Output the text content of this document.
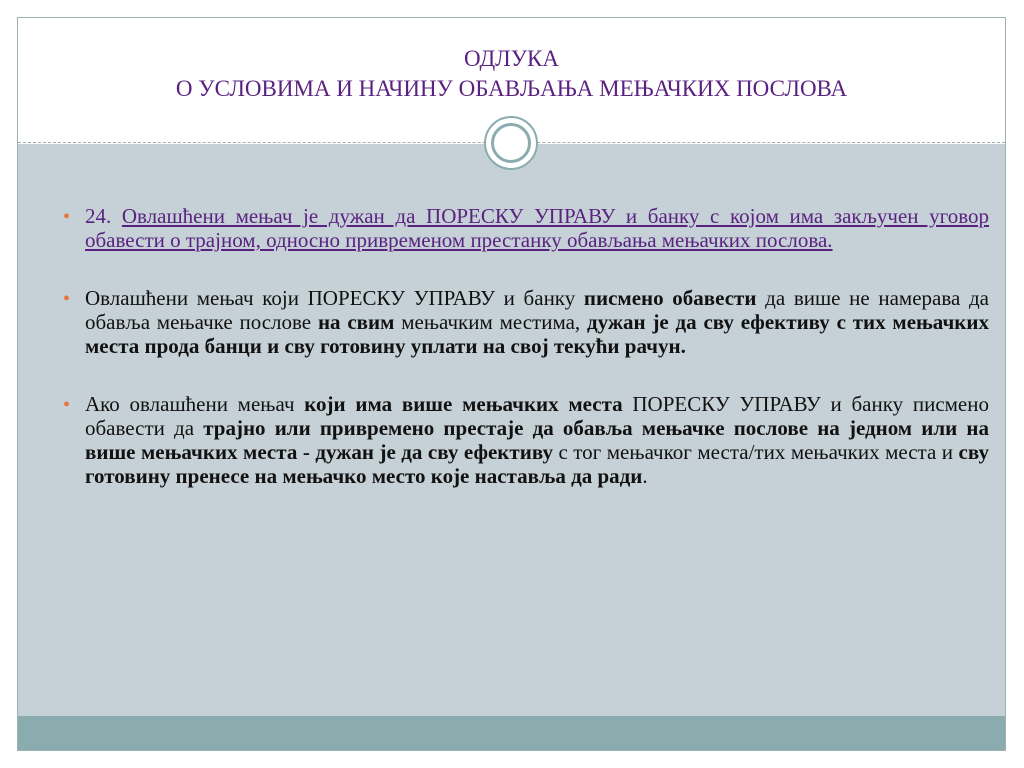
ОДЛУКА
О УСЛОВИМА И НАЧИНУ ОБАВЉАЊА МЕЊАЧКИХ ПОСЛОВА

• 24. Овлашћени мењач је дужан да ПОРЕСКУ УПРАВУ и банку с којом има закључен уговор обавести о трајном, односно привременом престанку обављања мењачких послова.

• Овлашћени мењач који ПОРЕСКУ УПРАВУ и банку писмено обавести да више не намерава да обавља мењачке послове на свим мењачким местима, дужан је да сву ефективу с тих мењачких места прода банци и сву готовину уплати на свој текући рачун.

• Ако овлашћени мењач који има више мењачких места ПОРЕСКУ УПРАВУ и банку писмено обавести да трајно или привремено престаје да обавља мењачке послове на једном или на више мењачких места - дужан је да сву ефективу с тог мењачког места/тих мењачких места и сву готовину пренесе на мењачко место које наставља да ради.
